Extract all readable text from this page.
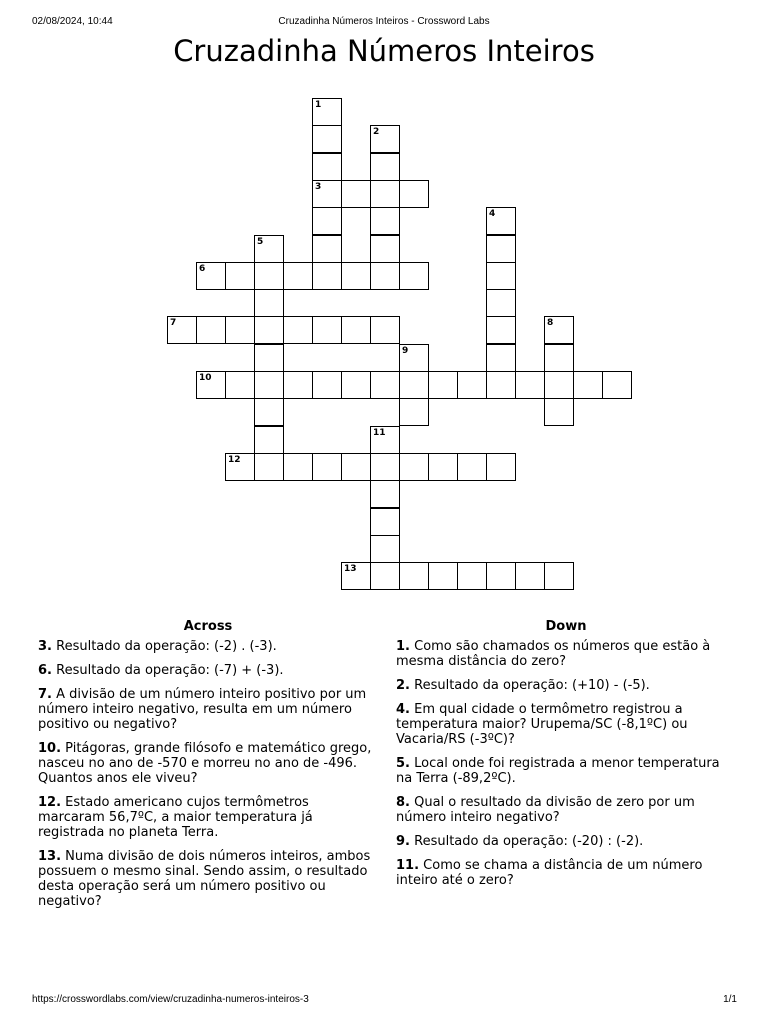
02/08/2024, 10:44	Cruzadinha Números Inteiros - Crossword Labs
Cruzadinha Números Inteiros
1
3
2
4
5
6
7	8
9
10
11
12
13
Across

3. Resultado da operação: (-2) . (-3).

6. Resultado da operação: (-7) + (-3).

7. A divisão de um número inteiro positivo por um número inteiro negativo, resulta em um número positivo ou negativo?

10. Pitágoras, grande filósofo e matemático grego, nasceu no ano de -570 e morreu no ano de -496. Quantos anos ele viveu?

12. Estado americano cujos termômetros marcaram 56,7ºC, a maior temperatura já registrada no planeta Terra.

13. Numa divisão de dois números inteiros, ambos possuem o mesmo sinal. Sendo assim, o resultado desta operação será um número positivo ou negativo?

Down

1. Como são chamados os números que estão à mesma distância do zero?

2. Resultado da operação: (+10) - (-5).

4. Em qual cidade o termômetro registrou a temperatura maior? Urupema/SC (-8,1ºC) ou Vacaria/RS (-3ºC)?

5. Local onde foi registrada a menor temperatura na Terra (-89,2ºC).

8. Qual o resultado da divisão de zero por um número inteiro negativo?

9. Resultado da operação: (-20) : (-2).

11. Como se chama a distância de um número inteiro até o zero?

https://crosswordlabs.com/view/cruzadinha-numeros-inteiros-3	1/1
